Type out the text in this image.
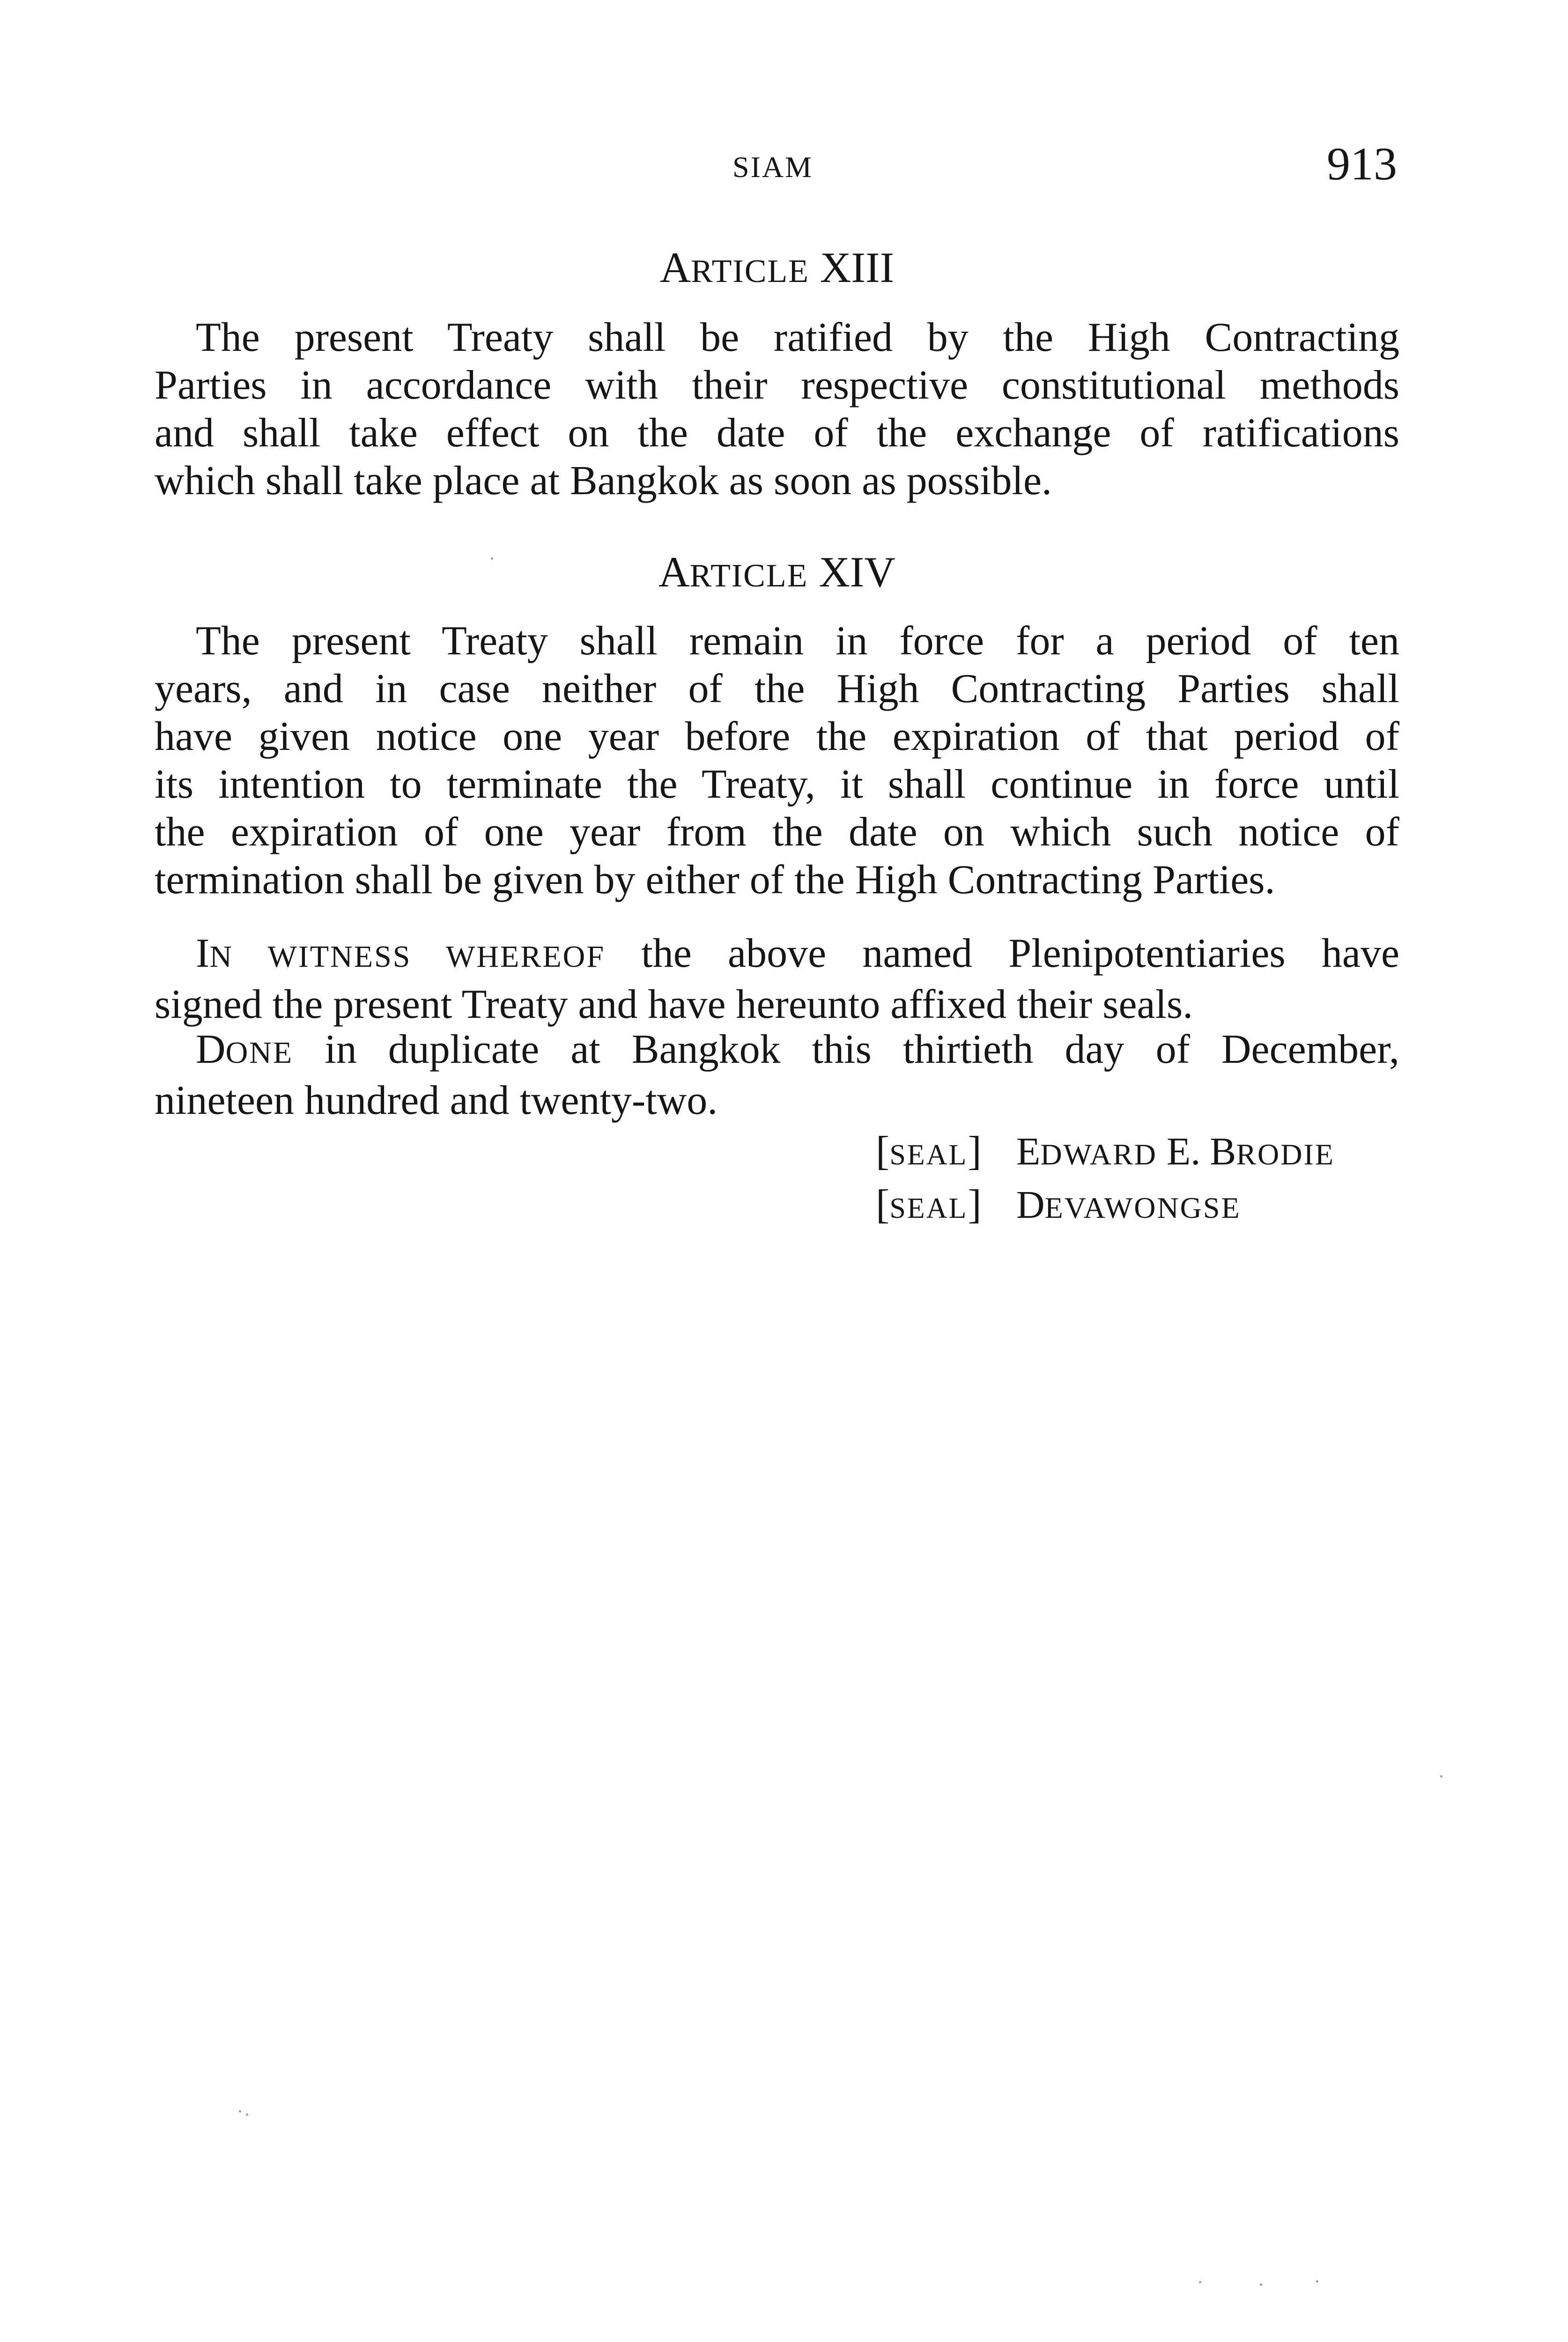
SIAM	913
ARTICLE XIII
The present Treaty shall be ratified by the High Contracting
Parties in accordance with their respective constitutional methods
and shall take effect on the date of the exchange of ratifications
which shall take place at Bangkok as soon as possible.
ARTICLE XIV
The present Treaty shall remain in force for a period of ten
years, and in case neither of the High Contracting Parties shall
have given notice one year before the expiration of that period of
its intention to terminate the Treaty, it shall continue in force until
the expiration of one year from the date on which such notice of
termination shall be given by either of the High Contracting Parties.
IN WITNESS WHEREOF the above named Plenipotentiaries have
signed the present Treaty and have hereunto affixed their seals.
DONE in duplicate at Bangkok this thirtieth day of December,
nineteen hundred and twenty-two.
[SEAL] EDWARD E. BRODIE
[SEAL] DEVAWONGSE
